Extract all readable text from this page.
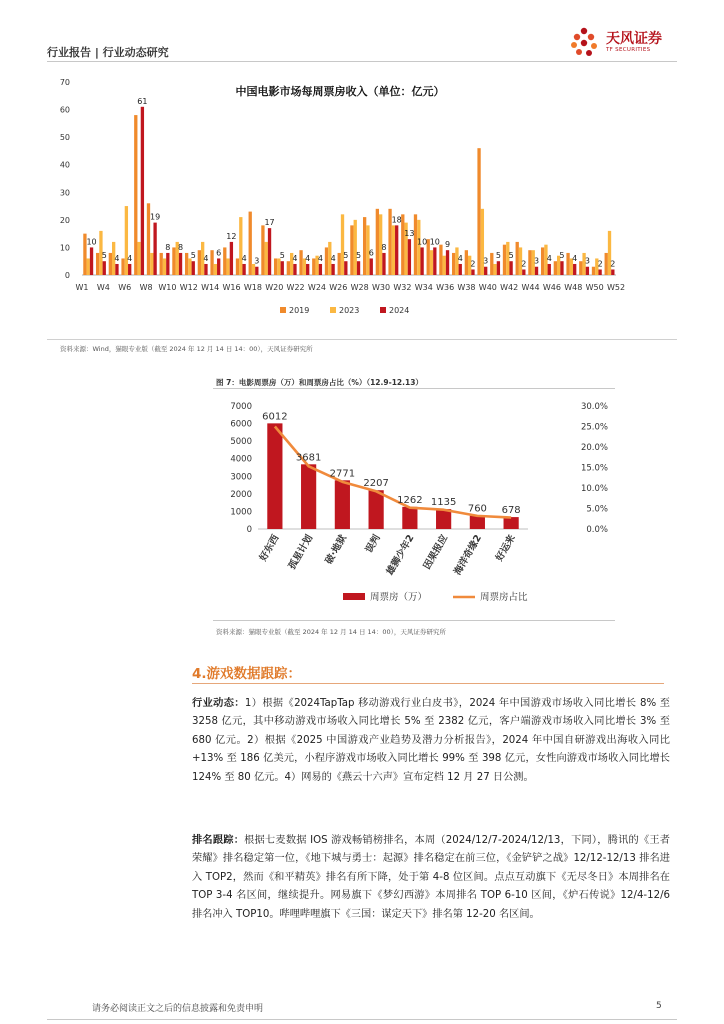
行业报告 | 行业动态研究
天风证券
TF SECURITIES
0
10
20
30
40
50
60
70
10
5 4 4
61
19
8 8
5 4
6
12
4 3
17
5 4 4 4 4 5 5 6
8
18
13
10 10 9
4
2 3
5 5
2 3 4 5 4 3 2 2
W1 W4 W6 W8 W10 W12 W14 W16 W18 W20 W22 W24 W26 W28 W30 W32 W34 W36 W38 W40 W42 W44 W46 W48 W50 W52
中国电影市场每周票房收入（单位：亿元）
2019	2023	2024
资料来源：Wind，猫眼专业版（截至 2024 年 12 月 14 日 14：00），天风证券研究所
图 7：电影周票房（万）和周票房占比（%）（12.9-12.13）
0
1000
2000
3000
4000
5000
6000
7000
0.0%
5.0%
10.0%
15.0%
20.0%
25.0%
30.0%
6012
3681
2771
2207
1262 1135
760 678
好东西 孤星计划 破·地狱 误判 雄狮少年2 因果报应 海洋奇缘2 好运来
周票房（万）	周票房占比
资料来源：猫眼专业版（截至 2024 年 12 月 14 日 14：00），天风证券研究所
4.游戏数据跟踪：
行业动态：1）根据《2024TapTap 移动游戏行业白皮书》，2024 年中国游戏市场收入同比增长 8% 至 3258 亿元，其中移动游戏市场收入同比增长 5% 至 2382 亿元，客户端游戏市场收入同比增长 3% 至 680 亿元。2）根据《2025 中国游戏产业趋势及潜力分析报告》，2024 年中国自研游戏出海收入同比+13% 至 186 亿美元，小程序游戏市场收入同比增长 99% 至 398 亿元，女性向游戏市场收入同比增长 124% 至 80 亿元。4）网易的《燕云十六声》宣布定档 12 月 27 日公测。
排名跟踪：根据七麦数据 IOS 游戏畅销榜排名，本周（2024/12/7-2024/12/13，下同），腾讯的《王者荣耀》排名稳定第一位，《地下城与勇士：起源》排名稳定在前三位，《金铲铲之战》12/12-12/13 排名进入 TOP2，然而《和平精英》排名有所下降，处于第 4-8 位区间。点点互动旗下《无尽冬日》本周排名在 TOP 3-4 名区间，继续提升。网易旗下《梦幻西游》本周排名 TOP 6-10 区间，《炉石传说》12/4-12/6 排名冲入 TOP10。哔哩哔哩旗下《三国：谋定天下》排名第 12-20 名区间。
请务必阅读正文之后的信息披露和免责申明	5
